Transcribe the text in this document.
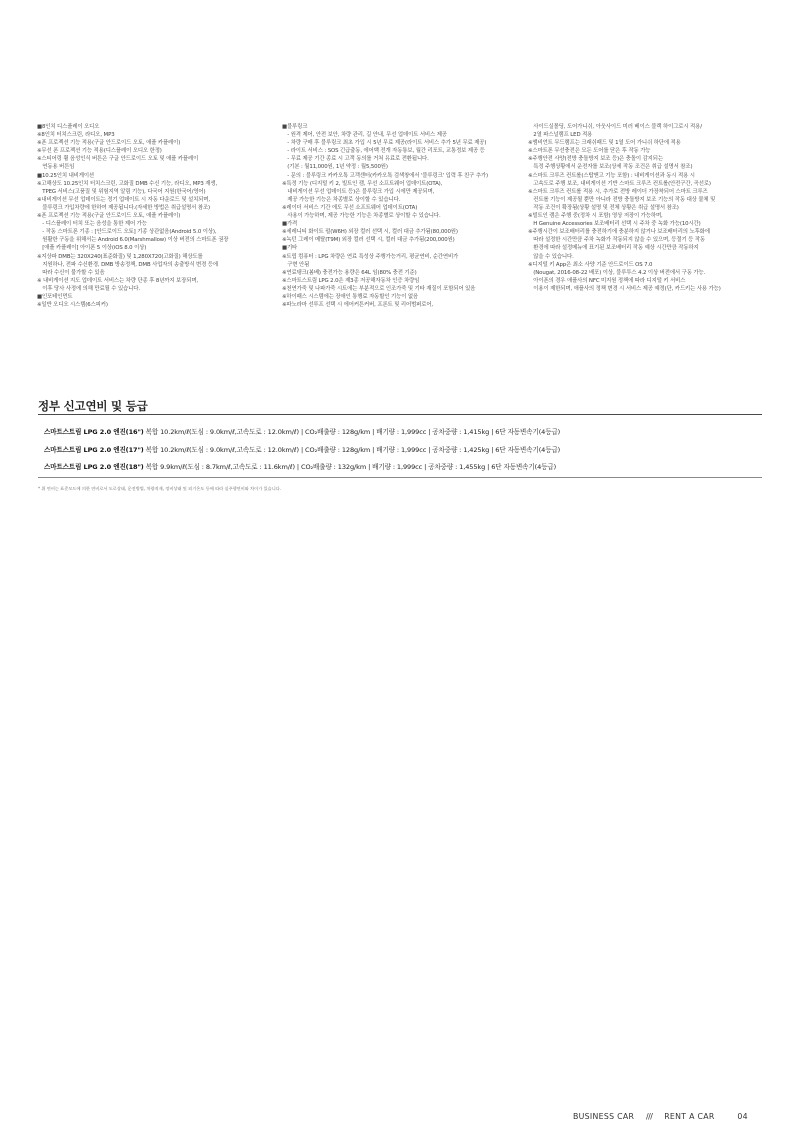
■8인치 디스플레이 오디오
※8인치 터치스크린, 라디오, MP3
※폰 프로젝션 기능 적용(구글 안드로이드 오토, 애플 카플레이)
※무선 폰 프로젝션 기능 적용(디스플레이 오디오 한정)
※스티어링 휠 음성인식 버튼은 구글 안드로이드 오토 및 애플 카플레이
　연동용 버튼임
■10.25인치 내비게이션
※고해상도 10.25인치 터치스크린, 고화질 DMB 수신 기능, 라디오, MP3 재생,
　TPEG 서비스(고품질 및 위험지역 알림 기능), 다국어 지원(한국어/영어)
※내비게이션 무선 업데이트는 정기 업데이트 시 자동 다운로드 및 설치되며,
　블루링크 가입차량에 한하여 제공됩니다.(자세한 방법은 취급설명서 참조)
※폰 프로젝션 기능 적용(구글 안드로이드 오토, 애플 카플레이)
　- 디스플레이 터치 또는 음성을 통한 제어 가능
　- 작동 스마트폰 기종 : [안드로이드 오토] 기종 상관없음(Android 5.0 이상),
　원활한 구동을 위해서는 Android 6.0(Marshmallow) 이상 버전의 스마트폰 권장
　[애플 카플레이] 아이폰 5 이상(iOS 8.0 이상)
※지상파 DMB는 320X240(표준화질) 및 1,280X720(고화질) 해상도를
　지원하나, 전파 수신환경, DMB 방송정책, DMB 사업자의 송출방식 변경 등에
　따라 수신이 불가할 수 있음
※ 내비게이션 지도 업데이트 서비스는 차량 단종 후 8년까지 보장되며,
　이후 당사 사정에 의해 만료될 수 있습니다.
■인포테인먼트
※일반 오디오 시스템(6스피커)
■블루링크
　- 원격 제어, 안전 보안, 차량 관리, 길 안내, 무선 업데이트 서비스 제공
　- 차량 구매 후 블루링크 최초 가입 시 5년 무료 제공(라이트 서비스 추가 5년 무료 제공)
　- 라이트 서비스 : SOS 긴급출동, 에어백 전개 자동통보, 월간 리포트, 교통정보 제공 등
　- 무료 제공 기간 종료 시 고객 동의를 거쳐 유료로 전환됩니다.
　(기본 : 월11,000원, 1년 약정 : 월5,500원)
　- 문의 : 블루링크 카카오톡 고객센터(카카오톡 검색창에서 '블루링크' 입력 후 친구 추가)
※특정 기능 (디지털 키 2, 빌트인 캠, 무선 소프트웨어 업데이트(OTA),
　내비게이션 무선 업데이트 등)은 블루링크 가입 시에만 제공되며,
　제공 가능한 기능은 차종별로 상이할 수 있습니다.
※레이더 서비스 기간 에도 무선 소프트웨어 업데이트(OTA)
　사용이 가능하며, 제공 가능한 기능은 차종별로 상이할 수 있습니다.
■가격
※세레니티 화이트 펄(W6H) 외장 컬러 선택 시, 컬러 대금 추가됨(80,000원)
※녹턴 그레이 메탈(T9M) 외장 컬러 선택 시, 컬러 대금 추가됨(200,000원)
■기타
※트립 컴퓨터 : LPG 차량은 연료 특성상 주행가능거리, 평균연비, 순간연비가
　구현 안됨
※연료탱크(봄베) 충전가능 용량은 64L 임(80% 충전 기준)
※스마트스트림 LPG 2.0은 제3종 저공해자동차 인증 차량임
※천연가죽 및 나파가죽 시트에는 부분적으로 인조가죽 및 기타 재질이 포함되어 있음
※하이패스 시스템에는 장애인 통행료 자동할인 기능이 없음
※파노라마 선루프 선택 시 에어커튼커버, 프론트 및 리어범퍼로어,
　사이드실몰딩, 도어가니쉬, 아웃사이드 미러 베이스 블랙 하이그로시 적용/
　2열 파스널램프 LED 적용
※앰비언트 무드램프는 크래쉬패드 및 1열 도어 가니쉬 하단에 적용
※스마트폰 무선충전은 모든 도어를 닫은 후 작동 가능
※주행안전 사양(전방 충돌방지 보조 등)은 충돌이 감지되는
　특정 주행상황에서 운전자를 보조(상세 작동 조건은 취급 설명서 참조)
※스마트 크루즈 컨트롤(스탑앤고 기능 포함) : 내비게이션과 동시 적용 시
　고속도로 주행 보조, 내비게이션 기반 스마트 크루즈 컨트롤(안전구간, 곡선로)
※스마트 크루즈 컨트롤 적용 시, 추가로 전방 레이더 가장착되어 스마트 크루즈
　컨트롤 기능이 제공될 뿐만 아니라 전방 충돌방지 보조 기능의 작동 대상 물체 및
　작동 조건이 확장됨(상황 설명 및 전체 상황은 취급 설명서 참조)
※빌트인 캠은 주행 중(정차 시 포함) 영상 저장이 가능하며,
　H Genuine Accessories 보조배터리 선택 시 주차 중 녹화 가능(10시간)
※주행시간이 보조배터리를 충전하기에 충분하지 않거나 보조배터리의 노후화에
　따라 설정한 시간만큼 주차 녹화가 작동되지 않을 수 있으며, 등절기 등 작동
　환경에 따라 설정메뉴에 표기된 보조배터리 작동 예상 시간만큼 작동하지
　않을 수 있습니다.
※디지털 키 App은 최소 사양 기준 안드로이드 OS 7.0
　(Nougat, 2016-08-22 배포) 이상, 블루투스 4.2 이상 버전에서 구동 가능.
　아이폰의 경우 애플사의 NFC 미지원 정책에 따라 디지털 키 서비스
　이용이 제한되며, 애플사의 정책 변경 시 서비스 제공 예정(단, 카드키는 사용 가능)
정부 신고연비 및 등급
스마트스트림 LPG 2.0 엔진(16") 복합 10.2km/ℓ(도심 : 9.0km/ℓ,고속도로 : 12.0km/ℓ) | CO₂배출량 : 128g/km | 배기량 : 1,999cc | 공차중량 : 1,415kg | 6단 자동변속기(4등급)
스마트스트림 LPG 2.0 엔진(17") 복합 10.2km/ℓ(도심 : 9.0km/ℓ,고속도로 : 12.0km/ℓ) | CO₂배출량 : 128g/km | 배기량 : 1,999cc | 공차중량 : 1,425kg | 6단 자동변속기(4등급)
스마트스트림 LPG 2.0 엔진(18") 복합 9.9km/ℓ(도심 : 8.7km/ℓ,고속도로 : 11.6km/ℓ) | CO₂배출량 : 132g/km | 배기량 : 1,999cc | 공차중량 : 1,455kg | 6단 자동변속기(4등급)
* 위 연비는 표준모드에 의한 연비로서 도로상태, 운전방법, 차량적재, 정비상태 및 외기온도 등에 따라 실주행연비와 차이가 있습니다.
BUSINESS CAR /// RENT A CAR	04
